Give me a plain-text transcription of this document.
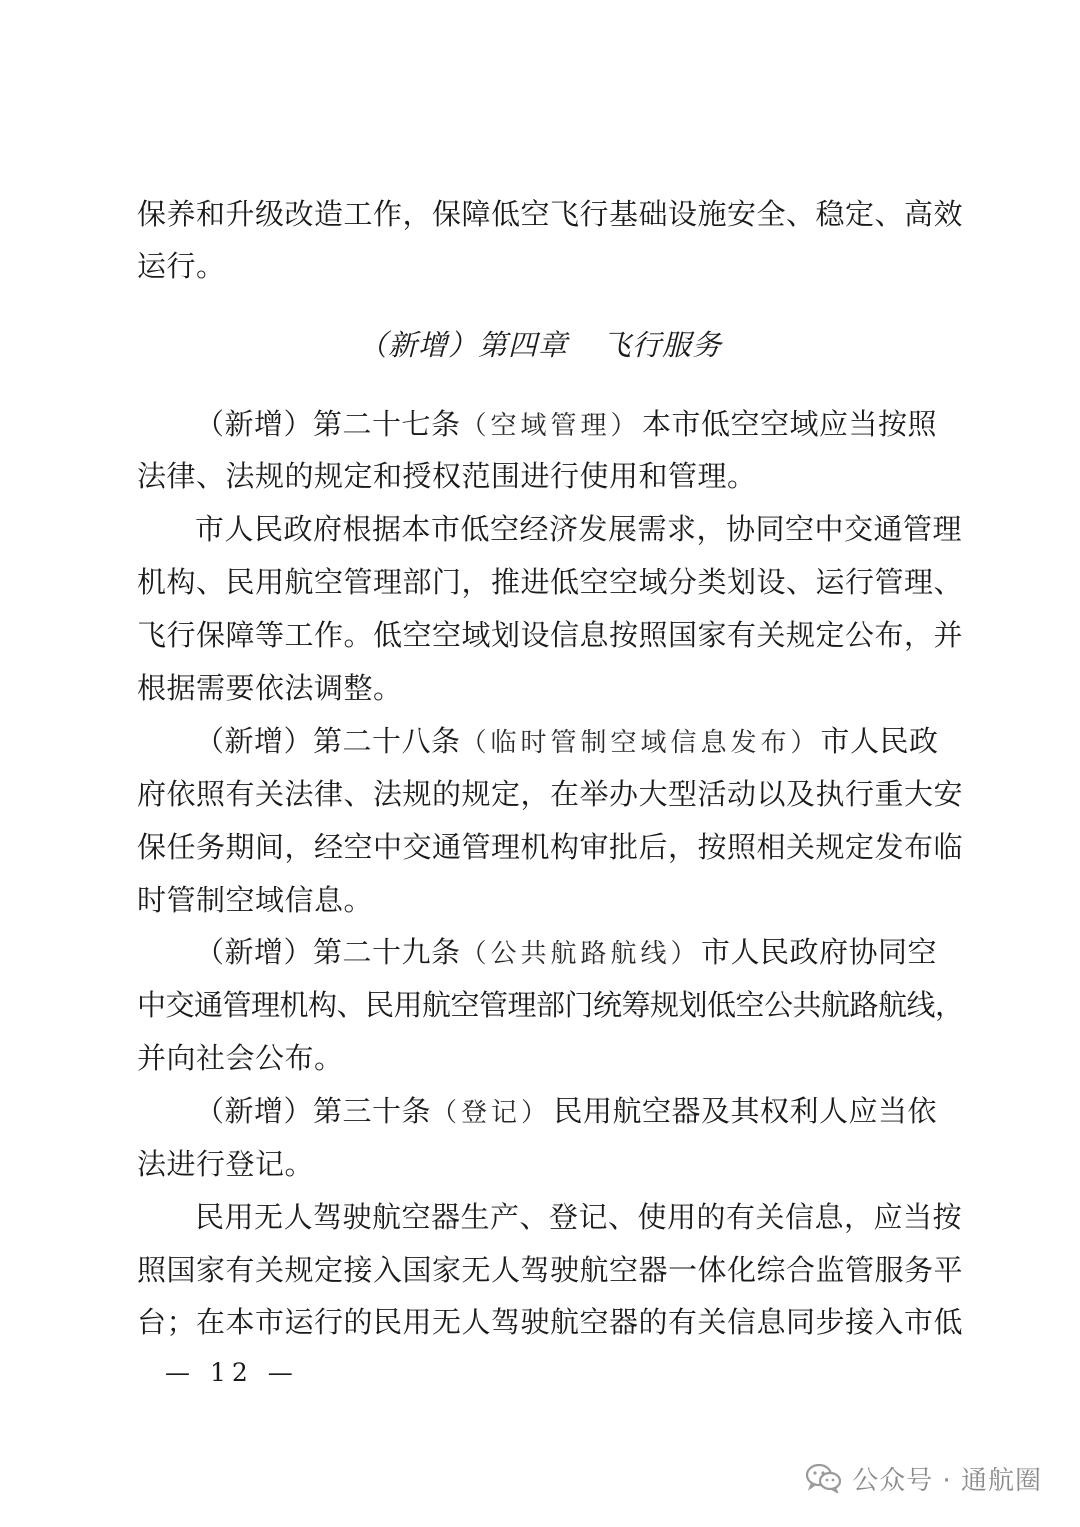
保养和升级改造工作，保障低空飞行基础设施安全、稳定、高效
运行。
（新增）第四章 飞行服务
（新增） 第二十七条 （空域管理） 本市低空空域应当按照
法律、法规的规定和授权范围进行使用和管理。
市人民政府根据本市低空经济发展需求，协同空中交通管理
机构、民用航空管理部门，推进低空空域分类划设、运行管理、
飞行保障等工作。低空空域划设信息按照国家有关规定公布，并
根据需要依法调整。
（新增） 第二十八条 （临时管制空域信息发布） 市人民政
府依照有关法律、法规的规定，在举办大型活动以及执行重大安
保任务期间，经空中交通管理机构审批后，按照相关规定发布临
时管制空域信息。
（新增） 第二十九条 （公共航路航线） 市人民政府协同空
中交通管理机构、民用航空管理部门统筹规划低空公共航路航线，
并向社会公布。
（新增） 第三十条 （登记） 民用航空器及其权利人应当依
法进行登记。
民用无人驾驶航空器生产、登记、使用的有关信息，应当按
照国家有关规定接入国家无人驾驶航空器一体化综合监管服务平
台；在本市运行的民用无人驾驶航空器的有关信息同步接入市低
— 12 —
公众号 · 通航圈
